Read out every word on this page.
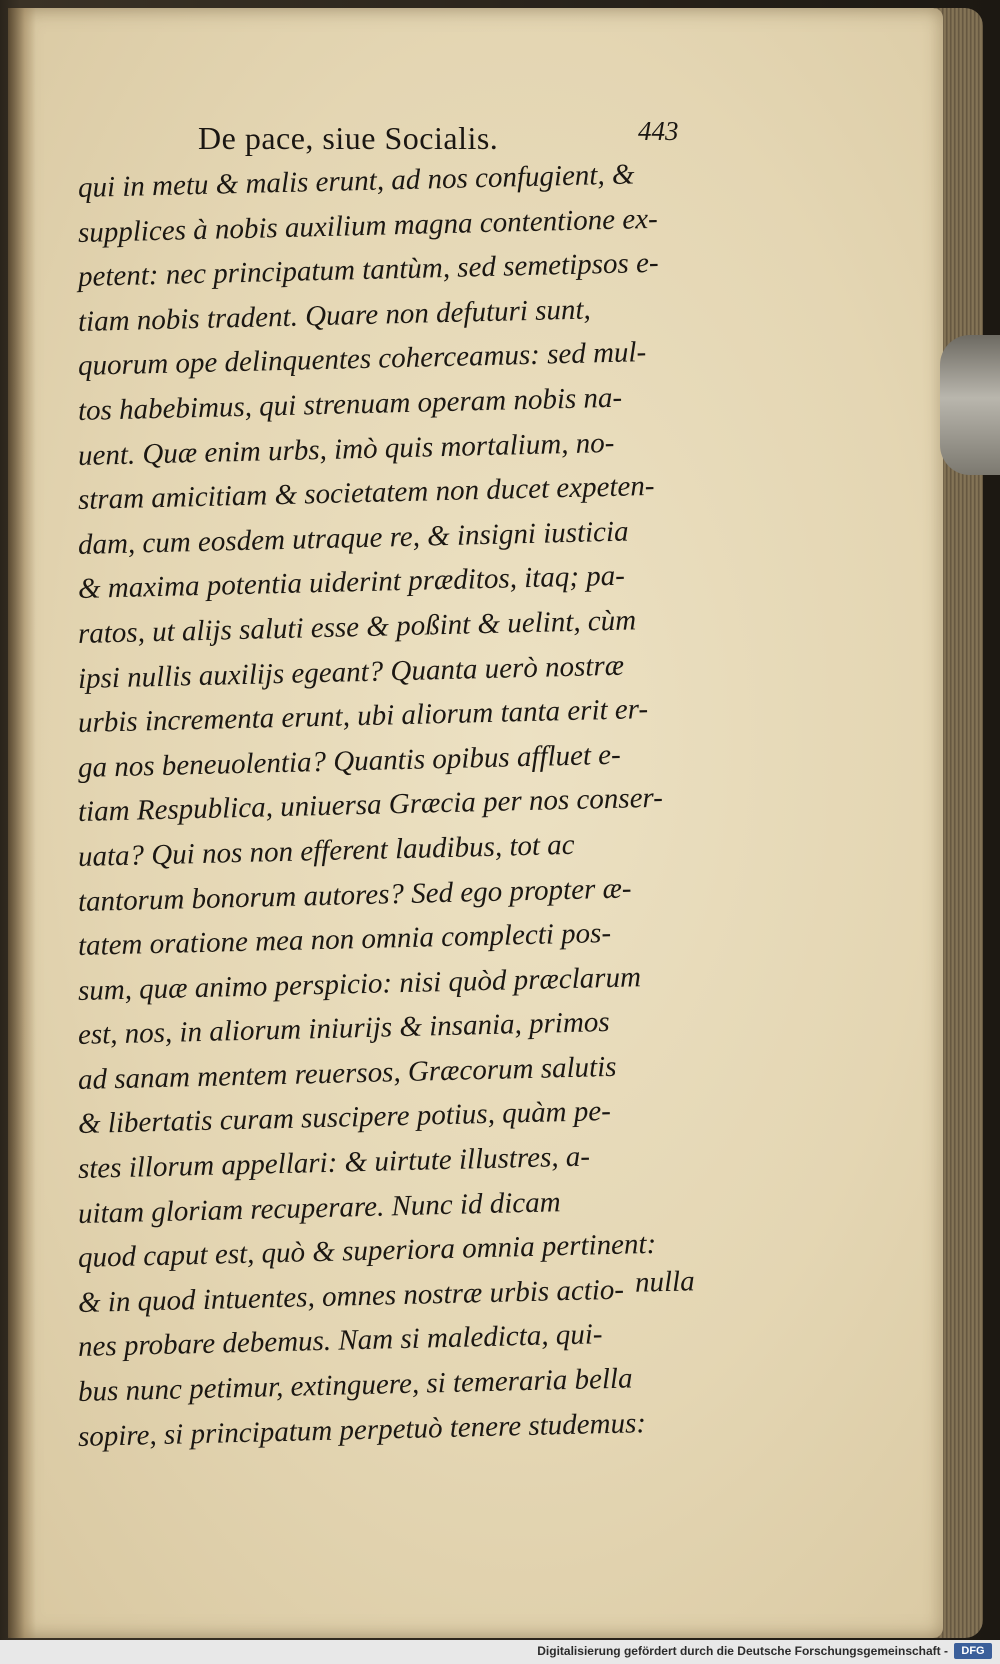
De pace, siue Socialis.	443
qui in metu & malis erunt, ad nos confugient, &
supplices à nobis auxilium magna contentione ex-
petent: nec principatum tantùm, sed semetipsos e-
tiam nobis tradent. Quare non defuturi sunt,
quorum ope delinquentes coherceamus: sed mul-
tos habebimus, qui strenuam operam nobis na-
uent. Quæ enim urbs, imò quis mortalium, no-
stram amicitiam & societatem non ducet expeten-
dam, cum eosdem utraque re, & insigni iusticia
& maxima potentia uiderint præditos, itaq; pa-
ratos, ut alijs saluti esse & poßint & uelint, cùm
ipsi nullis auxilijs egeant? Quanta uerò nostræ
urbis incrementa erunt, ubi aliorum tanta erit er-
ga nos beneuolentia? Quantis opibus affluet e-
tiam Respublica, uniuersa Græcia per nos conser-
uata? Qui nos non efferent laudibus, tot ac
tantorum bonorum autores? Sed ego propter æ-
tatem oratione mea non omnia complecti pos-
sum, quæ animo perspicio: nisi quòd præclarum
est, nos, in aliorum iniurijs & insania, primos
ad sanam mentem reuersos, Græcorum salutis
& libertatis curam suscipere potius, quàm pe-
stes illorum appellari: & uirtute illustres, a-
uitam gloriam recuperare. Nunc id dicam
quod caput est, quò & superiora omnia pertinent:
& in quod intuentes, omnes nostræ urbis actio-
nes probare debemus. Nam si maledicta, qui-
bus nunc petimur, extinguere, si temeraria bella
sopire, si principatum perpetuò tenere studemus:
nulla
Digitalisierung gefördert durch die Deutsche Forschungsgemeinschaft -	DFG
